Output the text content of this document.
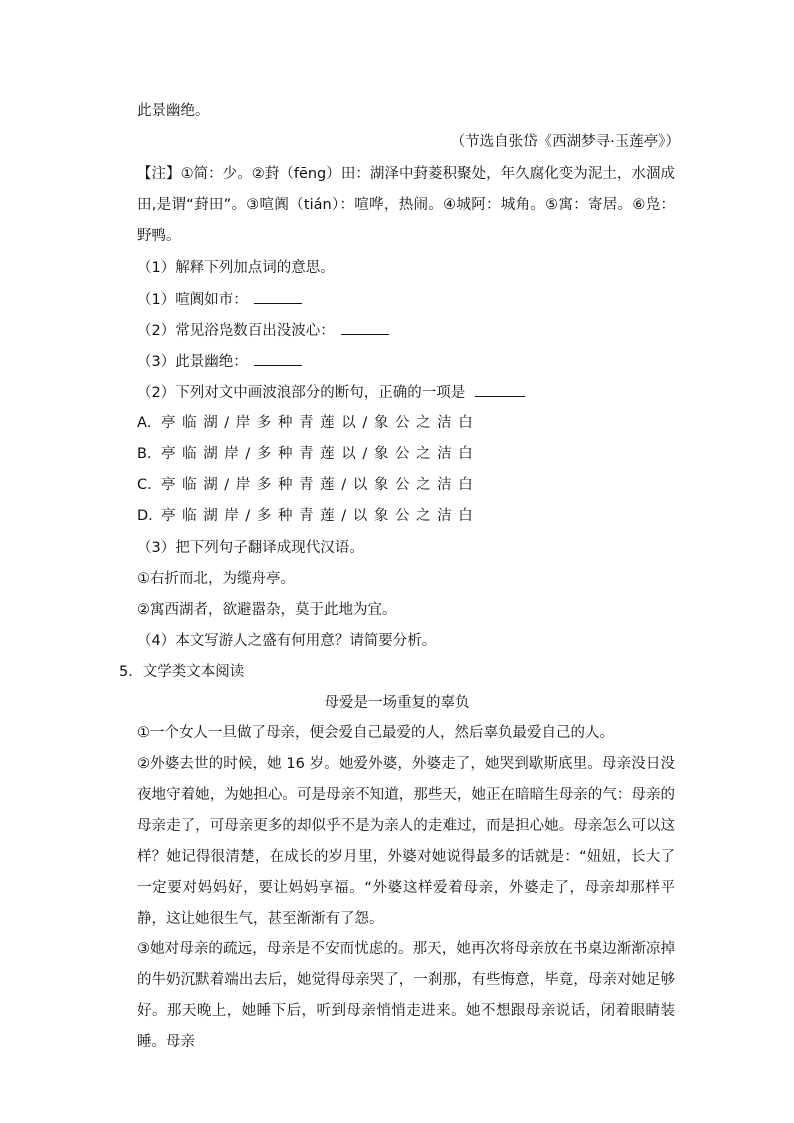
此景幽绝。
（节选自张岱《西湖梦寻·玉莲亭》）
【注】①简：少。②葑（fēng）田：湖泽中葑菱积聚处，年久腐化变为泥土，水涸成田,是谓“葑田”。③喧阗（tián）：喧哗，热闹。④城阿：城角。⑤寓：寄居。⑥凫：野鸭。
（1）解释下列加点词的意思。
（1）喧阗如市：
（2）常见浴凫数百出没波心：
（3）此景幽绝：
（2）下列对文中画波浪部分的断句，正确的一项是
A．亭临湖/岸多种青莲以/象公之洁白
B．亭临湖岸/多种青莲以/象公之洁白
C．亭临湖/岸多种青莲/以象公之洁白
D．亭临湖岸/多种青莲/以象公之洁白
（3）把下列句子翻译成现代汉语。
①右折而北，为缆舟亭。
②寓西湖者，欲避嚣杂，莫于此地为宜。
（4）本文写游人之盛有何用意？请简要分析。
5．文学类文本阅读
母爱是一场重复的辜负
①一个女人一旦做了母亲，便会爱自己最爱的人，然后辜负最爱自己的人。
②外婆去世的时候，她 16 岁。她爱外婆，外婆走了，她哭到歇斯底里。母亲没日没夜地守着她，为她担心。可是母亲不知道，那些天，她正在暗暗生母亲的气：母亲的母亲走了，可母亲更多的却似乎不是为亲人的走难过，而是担心她。母亲怎么可以这样？她记得很清楚，在成长的岁月里，外婆对她说得最多的话就是：“妞妞，长大了一定要对妈妈好，要让妈妈享福。“外婆这样爱着母亲，外婆走了，母亲却那样平静，这让她很生气，甚至渐渐有了怨。
③她对母亲的疏远，母亲是不安而忧虑的。那天，她再次将母亲放在书桌边渐渐凉掉的牛奶沉默着端出去后，她觉得母亲哭了，一刹那，有些悔意，毕竟，母亲对她足够好。那天晚上，她睡下后，听到母亲悄悄走进来。她不想跟母亲说话，闭着眼睛装睡。母亲
